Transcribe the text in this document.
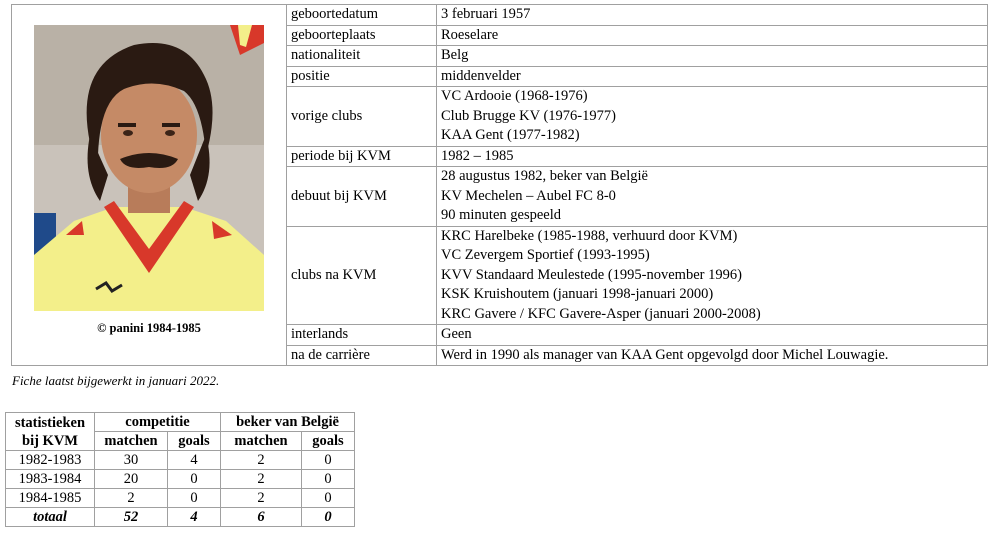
© panini 1984-1985	geboortedatum	3 februari 1957

	geboorteplaats	Roeselare

	nationaliteit	Belg

	positie	middenvelder

	vorige clubs	VC Ardooie (1968-1976)
Club Brugge KV (1976-1977)
KAA Gent (1977-1982)

	periode bij KVM	1982 – 1985

	debuut bij KVM	28 augustus 1982, beker van België
KV Mechelen – Aubel FC 8-0
90 minuten gespeeld

	clubs na KVM	KRC Harelbeke (1985-1988, verhuurd door KVM)
VC Zevergem Sportief (1993-1995)
KVV Standaard Meulestede (1995-november 1996)
KSK Kruishoutem (januari 1998-januari 2000)
KRC Gavere / KFC Gavere-Asper (januari 2000-2008)

	interlands	Geen

	na de carrière	Werd in 1990 als manager van KAA Gent opgevolgd door Michel Louwagie.
Fiche laatst bijgewerkt in januari 2022.
statistieken
bij KVM	competitie		beker van België	
	matchen	goals	matchen	goals
1982-1983	30	4	2	0
1983-1984	20	0	2	0
1984-1985	2	0	2	0
totaal	52	4	6	0
